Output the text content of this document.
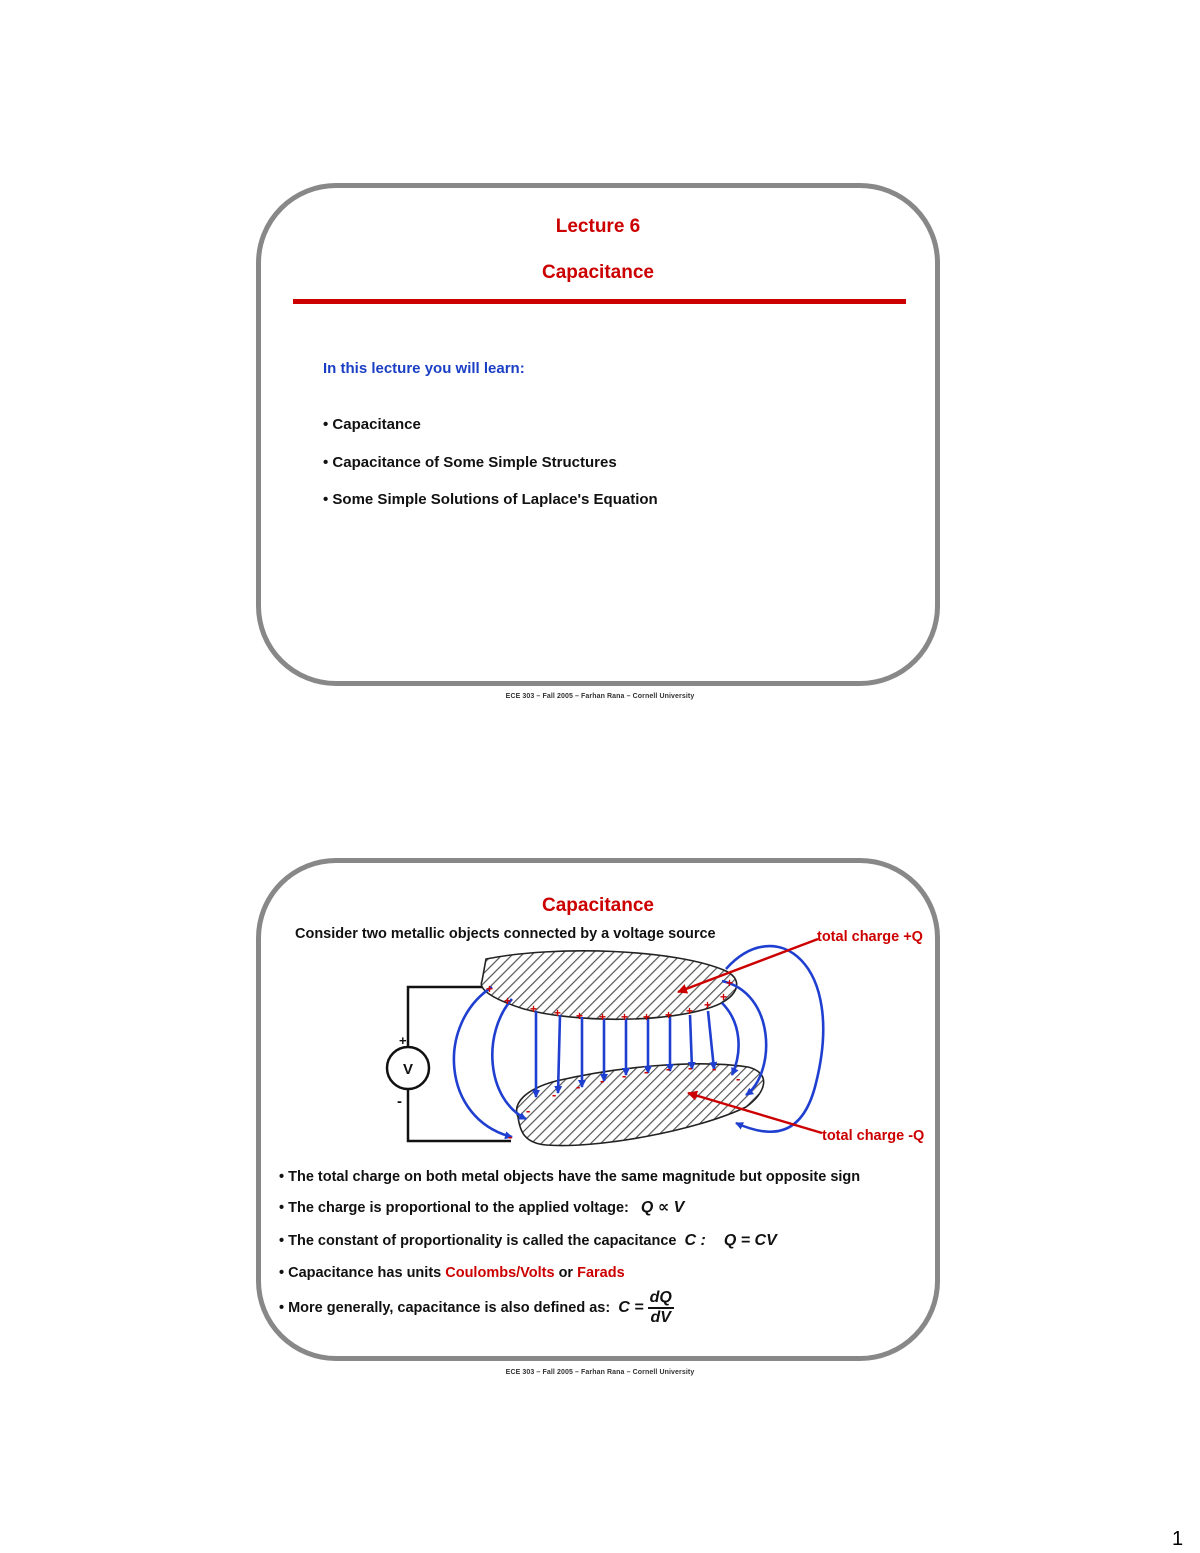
Lecture 6
Capacitance
In this lecture you will learn:
• Capacitance
• Capacitance of Some Simple Structures
• Some Simple Solutions of Laplace's Equation
ECE 303 – Fall 2005 – Farhan Rana – Cornell University
Capacitance
Consider two metallic objects connected by a voltage source
V
+
-
+
+
+ + + + + + + + +
+
+
-
-
-
- - - - - - -
-
total charge +Q
total charge -Q
• The total charge on both metal objects have the same magnitude but opposite sign
• The charge is proportional to the applied voltage: Q ∝ V
• The constant of proportionality is called the capacitance C : Q = CV
• Capacitance has units Coulombs/Volts or Farads
• More generally, capacitance is also defined as: $C = \frac{dQ}{dV}$
ECE 303 – Fall 2005 – Farhan Rana – Cornell University
1
